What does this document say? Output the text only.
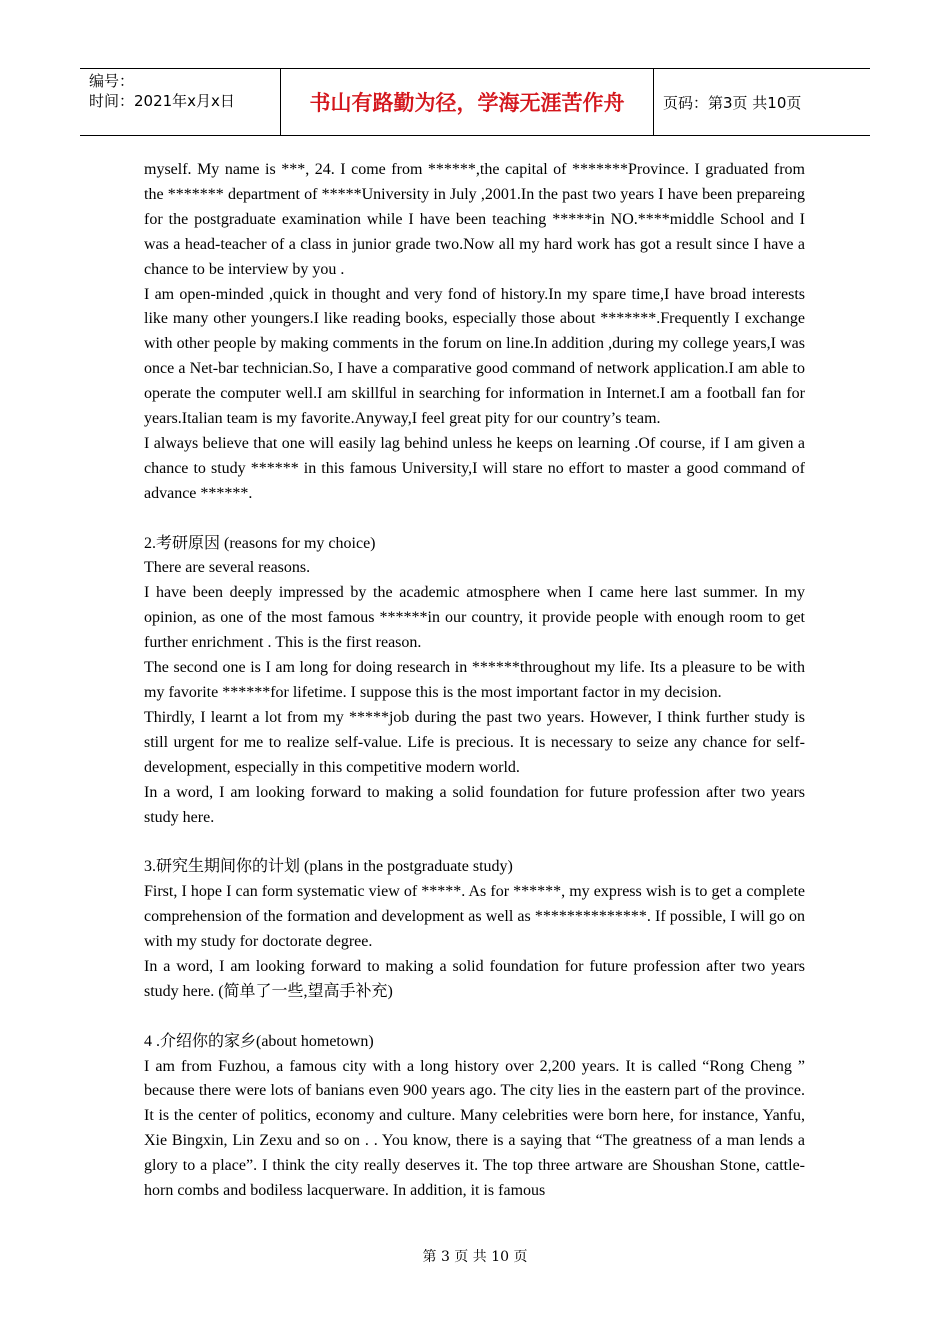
编号：
时间：2021年x月x日	书山有路勤为径，学海无涯苦作舟	页码：第3页 共10页

myself. My name is ***, 24. I come from ******,the capital of *******Province. I graduated from the ******* department of *****University in July ,2001.In the past two years I have been prepareing for the postgraduate examination while I have been teaching *****in NO.****middle School and I was a head-teacher of a class in junior grade two.Now all my hard work has got a result since I have a chance to be interview by you .

I am open-minded ,quick in thought and very fond of history.In my spare time,I have broad interests like many other youngers.I like reading books, especially those about *******.Frequently I exchange with other people by making comments in the forum on line.In addition ,during my college years,I was once a Net-bar technician.So, I have a comparative good command of network application.I am able to operate the computer well.I am skillful in searching for information in Internet.I am a football fan for years.Italian team is my favorite.Anyway,I feel great pity for our country’s team.

I always believe that one will easily lag behind unless he keeps on learning .Of course, if I am given a chance to study ****** in this famous University,I will stare no effort to master a good command of advance ******.

2.考研原因 (reasons for my choice)

There are several reasons.

I have been deeply impressed by the academic atmosphere when I came here last summer. In my opinion, as one of the most famous ******in our country, it provide people with enough room to get further enrichment . This is the first reason.

The second one is I am long for doing research in ******throughout my life. Its a pleasure to be with my favorite ******for lifetime. I suppose this is the most important factor in my decision.

Thirdly, I learnt a lot from my *****job during the past two years. However, I think further study is still urgent for me to realize self-value. Life is precious. It is necessary to seize any chance for self-development, especially in this competitive modern world.

In a word, I am looking forward to making a solid foundation for future profession after two years study here.

3.研究生期间你的计划 (plans in the postgraduate study)

First, I hope I can form systematic view of *****. As for ******, my express wish is to get a complete comprehension of the formation and development as well as **************. If possible, I will go on with my study for doctorate degree.

In a word, I am looking forward to making a solid foundation for future profession after two years study here. (简单了一些,望高手补充)

4 .介绍你的家乡(about hometown)

I am from Fuzhou, a famous city with a long history over 2,200 years. It is called “Rong Cheng ” because there were lots of banians even 900 years ago. The city lies in the eastern part of the province. It is the center of politics, economy and culture. Many celebrities were born here, for instance, Yanfu, Xie Bingxin, Lin Zexu and so on . . You know, there is a saying that “The greatness of a man lends a glory to a place”. I think the city really deserves it. The top three artware are Shoushan Stone, cattle-horn combs and bodiless lacquerware. In addition, it is famous

第 3 页 共 10 页
